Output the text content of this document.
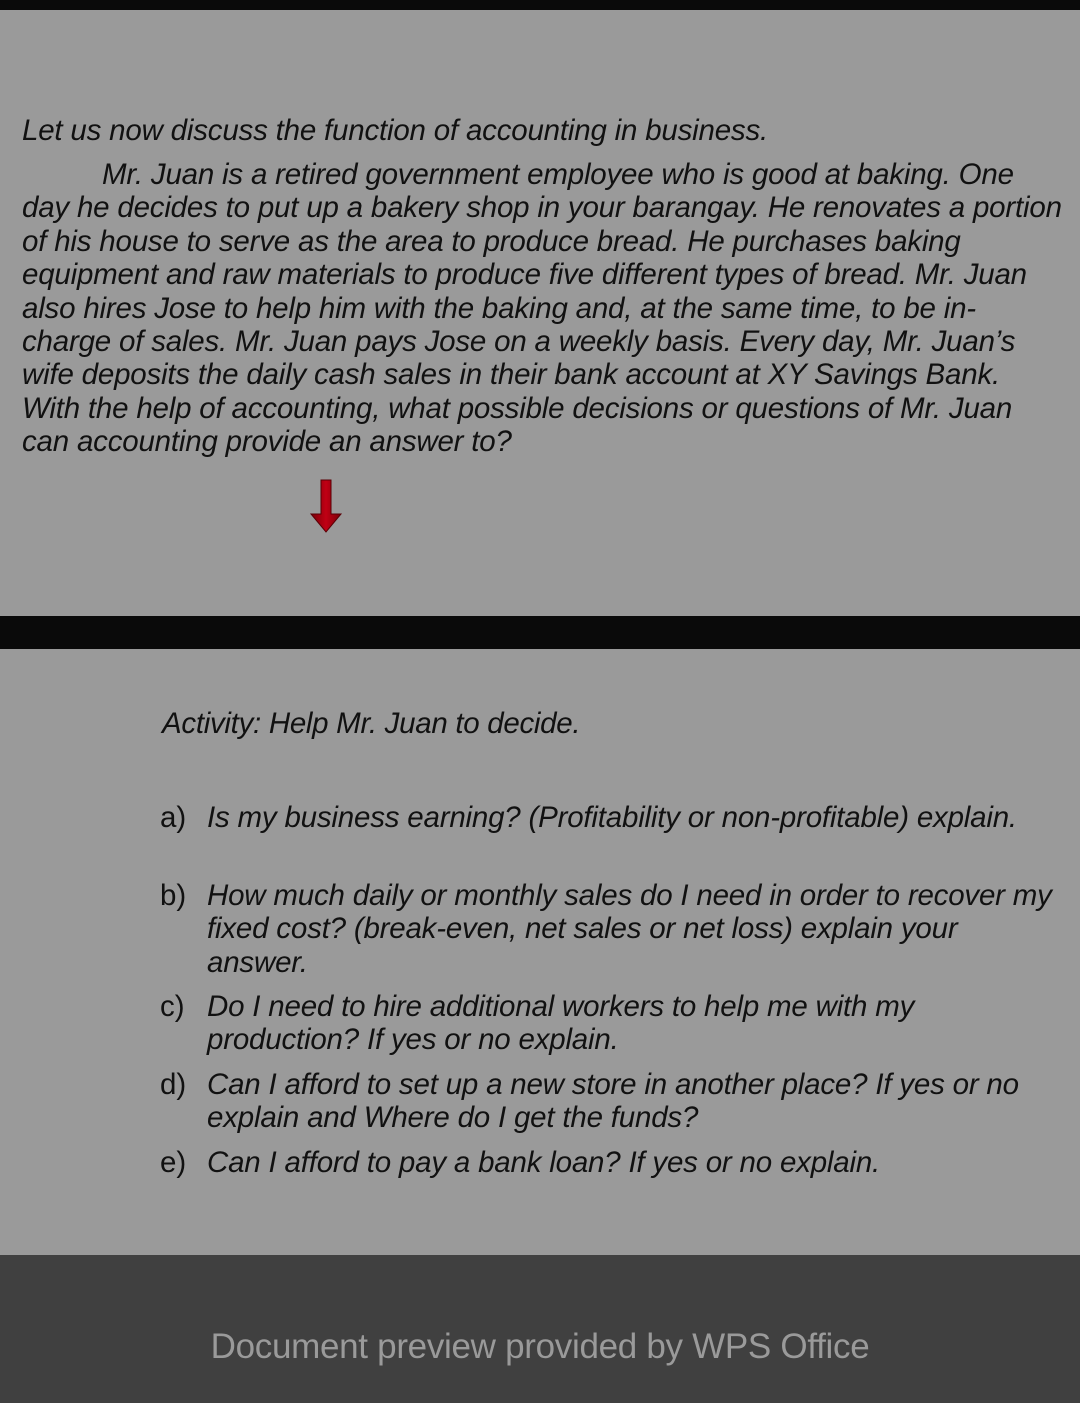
Let us now discuss the function of accounting in business.

Mr. Juan is a retired government employee who is good at baking. One day he decides to put up a bakery shop in your barangay. He renovates a portion of his house to serve as the area to produce bread. He purchases baking equipment and raw materials to produce five different types of bread. Mr. Juan also hires Jose to help him with the baking and, at the same time, to be in-charge of sales. Mr. Juan pays Jose on a weekly basis. Every day, Mr. Juan’s wife deposits the daily cash sales in their bank account at XY Savings Bank. With the help of accounting, what possible decisions or questions of Mr. Juan can accounting provide an answer to?

Activity: Help Mr. Juan to decide.
a) Is my business earning? (Profitability or non-profitable) explain.
b) How much daily or monthly sales do I need in order to recover my fixed cost? (break-even, net sales or net loss) explain your answer.
c) Do I need to hire additional workers to help me with my production? If yes or no explain.
d) Can I afford to set up a new store in another place? If yes or no explain and Where do I get the funds?
e) Can I afford to pay a bank loan? If yes or no explain.
Document preview provided by WPS Office
